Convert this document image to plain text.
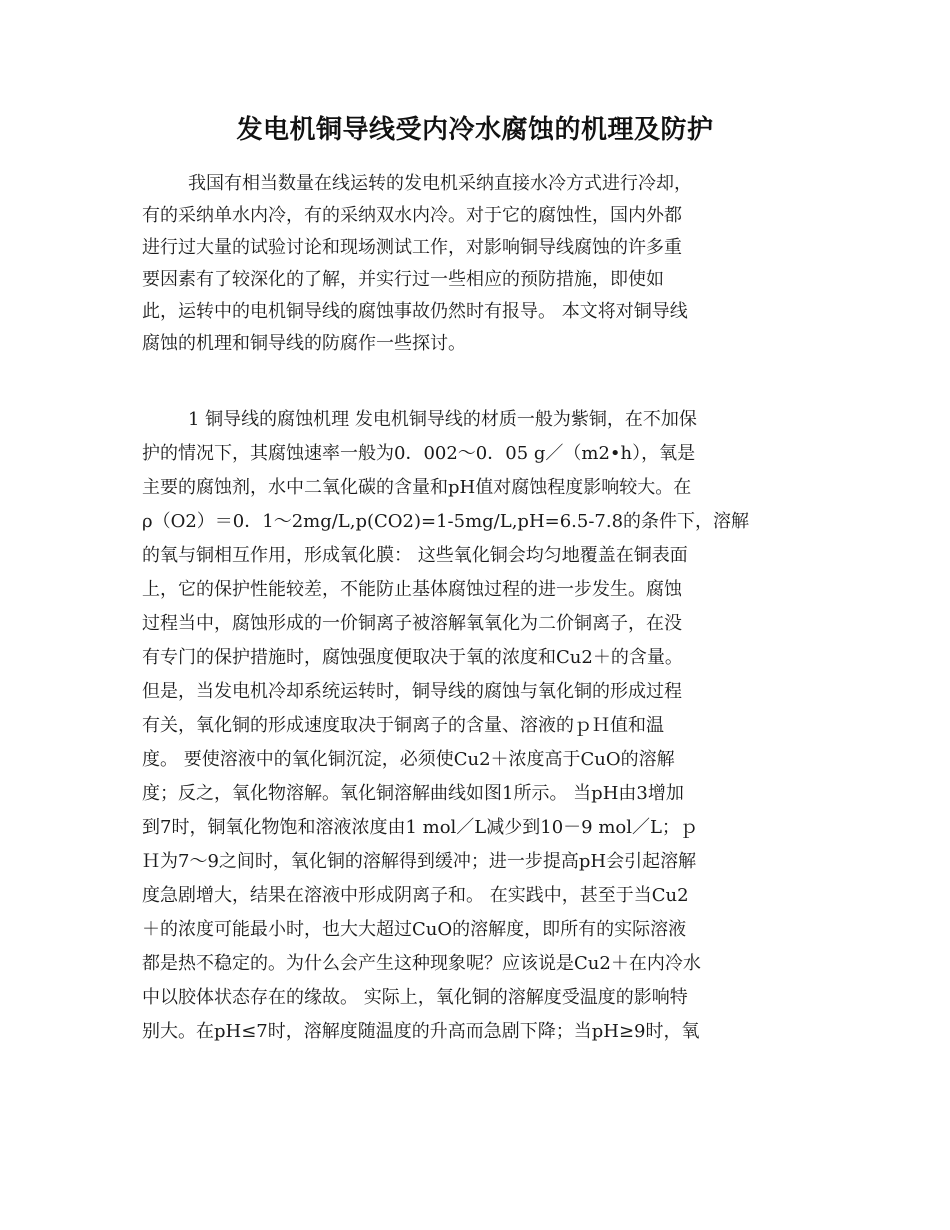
发电机铜导线受内冷水腐蚀的机理及防护
我国有相当数量在线运转的发电机采纳直接水冷方式进行冷却，
有的采纳单水内冷，有的采纳双水内冷。对于它的腐蚀性，国内外都
进行过大量的试验讨论和现场测试工作，对影响铜导线腐蚀的许多重
要因素有了较深化的了解，并实行过一些相应的预防措施，即使如
此，运转中的电机铜导线的腐蚀事故仍然时有报导。 本文将对铜导线
腐蚀的机理和铜导线的防腐作一些探讨。
1 铜导线的腐蚀机理 发电机铜导线的材质一般为紫铜，在不加保
护的情况下，其腐蚀速率一般为0．002～0．05 g／（m2•h），氧是
主要的腐蚀剂，水中二氧化碳的含量和pH值对腐蚀程度影响较大。在
ρ（O2）＝0．1～2mg/L,p(CO2)=1-5mg/L,pH=6.5-7.8的条件下，溶解
的氧与铜相互作用，形成氧化膜： 这些氧化铜会均匀地覆盖在铜表面
上，它的保护性能较差，不能防止基体腐蚀过程的进一步发生。腐蚀
过程当中，腐蚀形成的一价铜离子被溶解氧氧化为二价铜离子，在没
有专门的保护措施时，腐蚀强度便取决于氧的浓度和Cu2＋的含量。
但是，当发电机冷却系统运转时，铜导线的腐蚀与氧化铜的形成过程
有关，氧化铜的形成速度取决于铜离子的含量、溶液的ｐＨ值和温
度。 要使溶液中的氧化铜沉淀，必须使Cu2＋浓度高于CuO的溶解
度；反之，氧化物溶解。氧化铜溶解曲线如图1所示。 当pH由3增加
到7时，铜氧化物饱和溶液浓度由1 mol／L减少到10－9 mol／L；ｐ
Ｈ为7～9之间时，氧化铜的溶解得到缓冲；进一步提高pH会引起溶解
度急剧增大，结果在溶液中形成阴离子和。 在实践中，甚至于当Cu2
＋的浓度可能最小时，也大大超过CuO的溶解度，即所有的实际溶液
都是热不稳定的。为什么会产生这种现象呢？应该说是Cu2＋在内冷水
中以胶体状态存在的缘故。 实际上，氧化铜的溶解度受温度的影响特
别大。在pH≤7时，溶解度随温度的升高而急剧下降；当pH≥9时，氧
